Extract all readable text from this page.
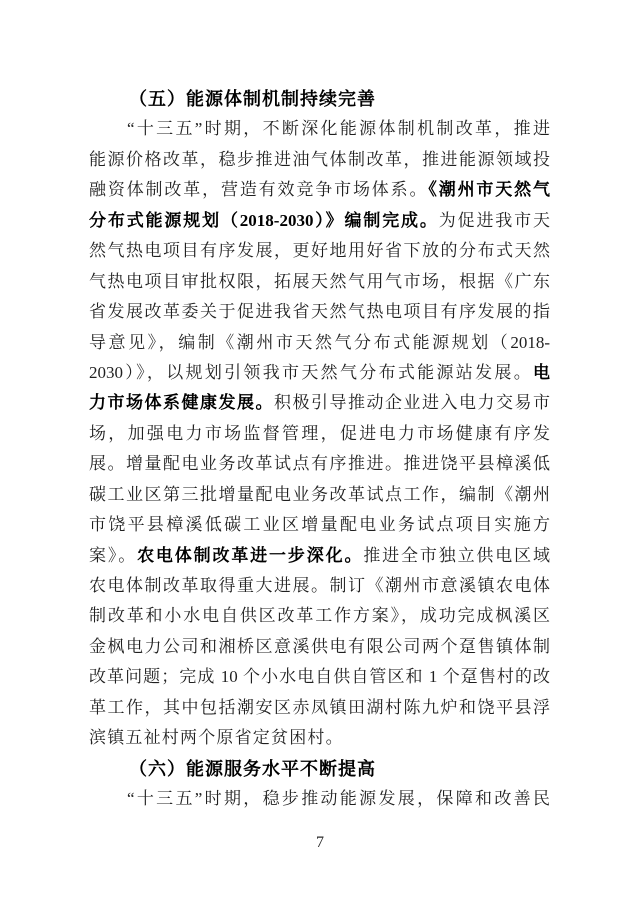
（五）能源体制机制持续完善
“十三五”时期，不断深化能源体制机制改革，推进
能源价格改革，稳步推进油气体制改革，推进能源领域投
融资体制改革，营造有效竞争市场体系。《潮州市天然气
分布式能源规划（2018-2030）》编制完成。为促进我市天
然气热电项目有序发展，更好地用好省下放的分布式天然
气热电项目审批权限，拓展天然气用气市场，根据《广东
省发展改革委关于促进我省天然气热电项目有序发展的指
导意见》，编制《潮州市天然气分布式能源规划（2018-
2030）》，以规划引领我市天然气分布式能源站发展。电
力市场体系健康发展。积极引导推动企业进入电力交易市
场，加强电力市场监督管理，促进电力市场健康有序发
展。增量配电业务改革试点有序推进。推进饶平县樟溪低
碳工业区第三批增量配电业务改革试点工作，编制《潮州
市饶平县樟溪低碳工业区增量配电业务试点项目实施方
案》。农电体制改革进一步深化。推进全市独立供电区域
农电体制改革取得重大进展。制订《潮州市意溪镇农电体
制改革和小水电自供区改革工作方案》，成功完成枫溪区
金枫电力公司和湘桥区意溪供电有限公司两个趸售镇体制
改革问题；完成 10 个小水电自供自管区和 1 个趸售村的改
革工作，其中包括潮安区赤凤镇田湖村陈九炉和饶平县浮
滨镇五祉村两个原省定贫困村。
（六）能源服务水平不断提高
“十三五”时期，稳步推动能源发展，保障和改善民
7
